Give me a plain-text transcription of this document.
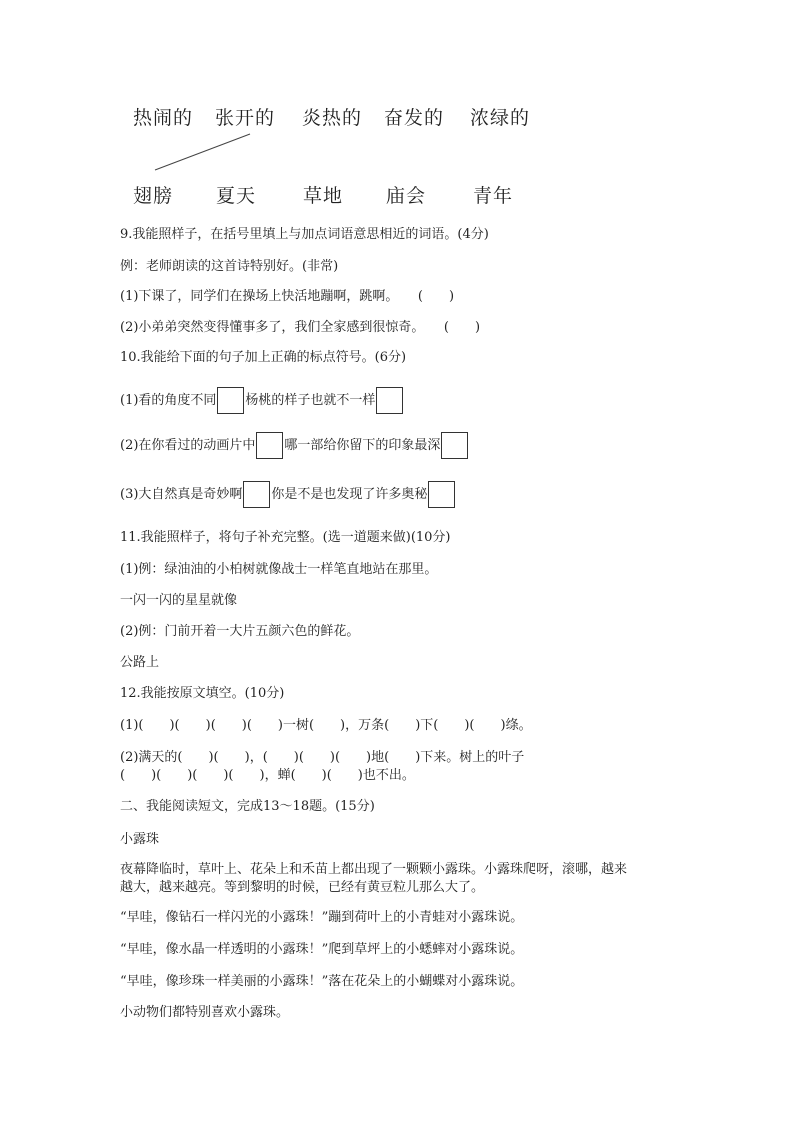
热闹的 张开的 炎热的 奋发的 浓绿的
翅膀 夏天 草地 庙会 青年
9.我能照样子，在括号里填上与加点词语意思相近的词语。(4分)
例：老师朗读的这首诗特别好。(非常)
(1)下课了，同学们在操场上快活地蹦啊，跳啊。　　(　　)
(2)小弟弟突然变得懂事多了，我们全家感到很惊奇。　　(　　)
10.我能给下面的句子加上正确的标点符号。(6分)
(1)看的角度不同 杨桃的样子也就不一样
(2)在你看过的动画片中 哪一部给你留下的印象最深
(3)大自然真是奇妙啊 你是不是也发现了许多奥秘
11.我能照样子，将句子补充完整。(选一道题来做)(10分)
(1)例：绿油油的小柏树就像战士一样笔直地站在那里。
一闪一闪的星星就像
(2)例：门前开着一大片五颜六色的鲜花。
公路上
12.我能按原文填空。(10分)
(1)(　　)(　　)(　　)(　　)一树(　　)，万条(　　)下(　　)(　　)绦。
(2)满天的(　　)(　　)，(　　)(　　)(　　)地(　　)下来。树上的叶子
(　　)(　　)(　　)(　　)，蝉(　　)(　　)也不出。
二、我能阅读短文，完成13～18题。(15分)
小露珠
夜幕降临时，草叶上、花朵上和禾苗上都出现了一颗颗小露珠。小露珠爬呀，滚哪，越来
越大，越来越亮。等到黎明的时候，已经有黄豆粒儿那么大了。
“早哇，像钻石一样闪光的小露珠！”蹦到荷叶上的小青蛙对小露珠说。
“早哇，像水晶一样透明的小露珠！”爬到草坪上的小蟋蟀对小露珠说。
“早哇，像珍珠一样美丽的小露珠！”落在花朵上的小蝴蝶对小露珠说。
小动物们都特别喜欢小露珠。
